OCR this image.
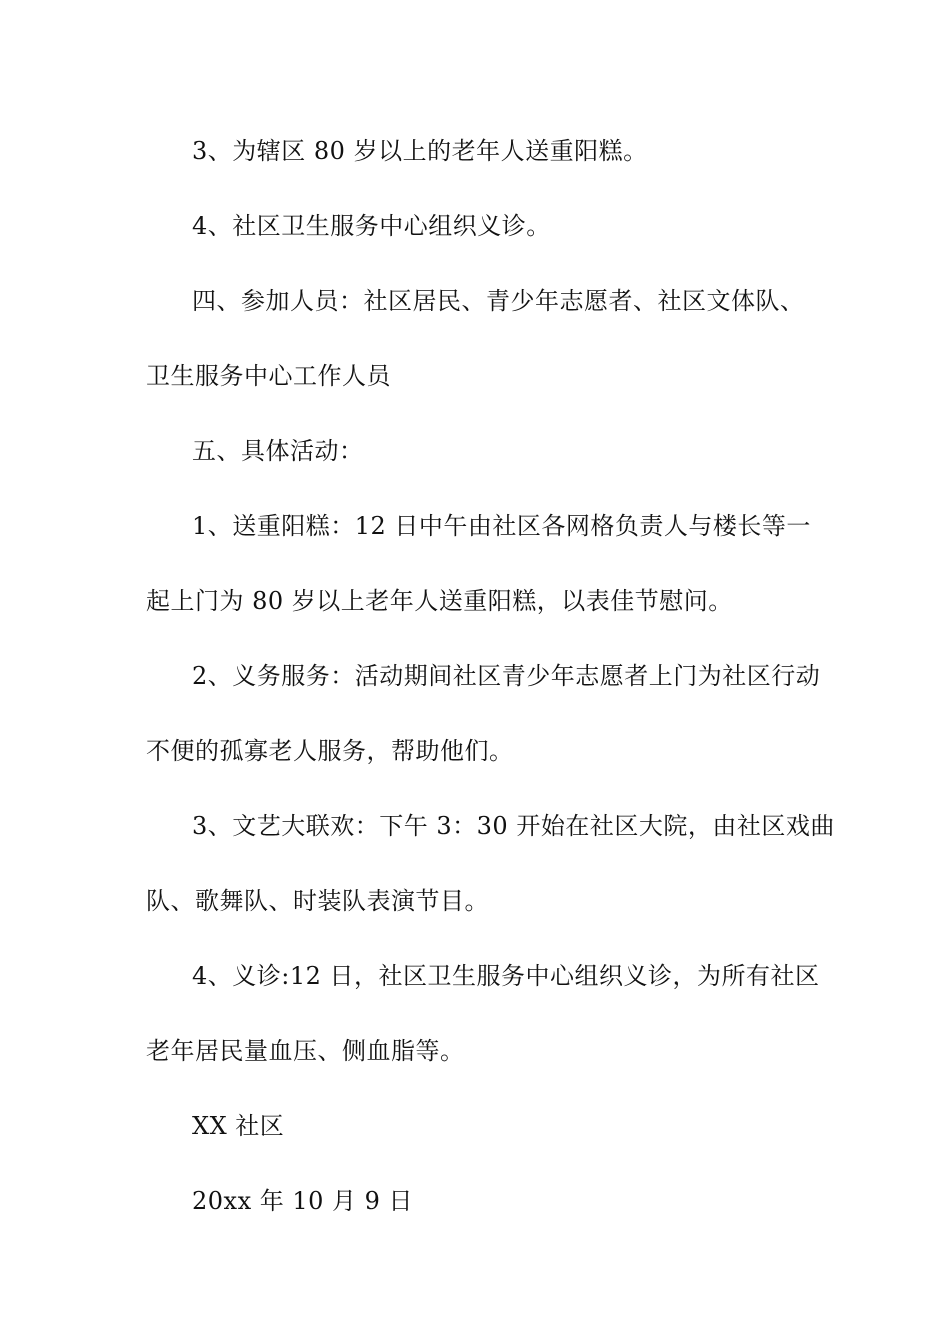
3、为辖区 80 岁以上的老年人送重阳糕。
4、社区卫生服务中心组织义诊。
四、参加人员：社区居民、青少年志愿者、社区文体队、
卫生服务中心工作人员
五、具体活动：
1、送重阳糕：12 日中午由社区各网格负责人与楼长等一
起上门为 80 岁以上老年人送重阳糕，以表佳节慰问。
2、义务服务：活动期间社区青少年志愿者上门为社区行动
不便的孤寡老人服务，帮助他们。
3、文艺大联欢：下午 3：30 开始在社区大院，由社区戏曲
队、歌舞队、时装队表演节目。
4、义诊:12 日，社区卫生服务中心组织义诊，为所有社区
老年居民量血压、侧血脂等。
XX 社区
20xx 年 10 月 9 日
